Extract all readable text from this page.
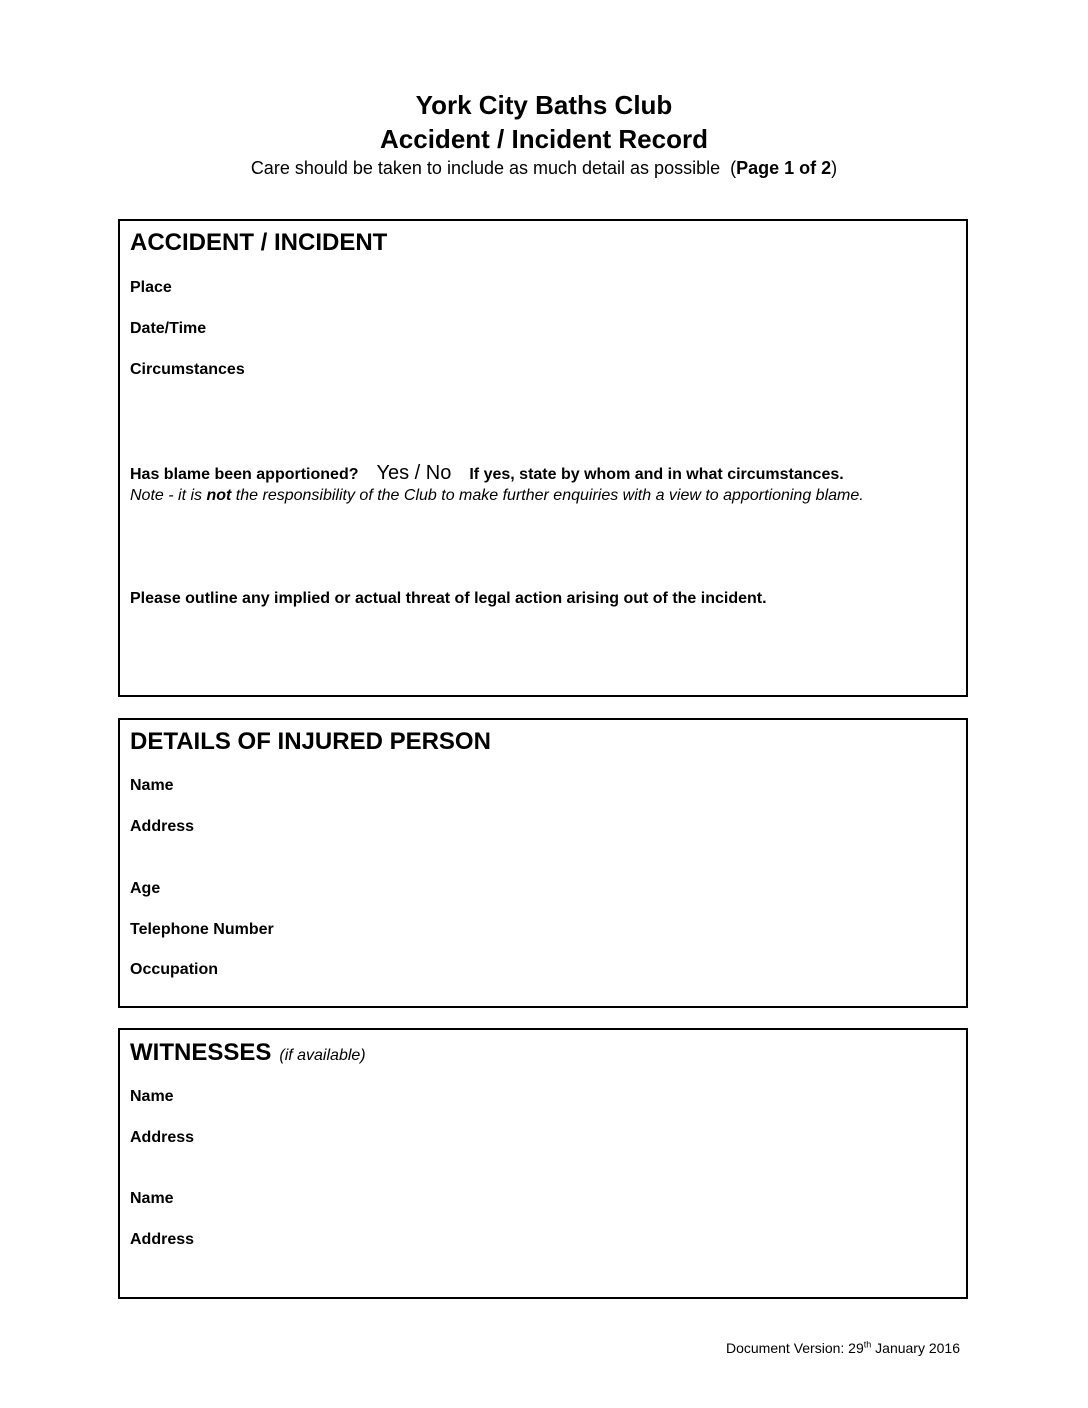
York City Baths Club
Accident / Incident Record
Care should be taken to include as much detail as possible (Page 1 of 2)
ACCIDENT / INCIDENT
Place
Date/Time
Circumstances
Has blame been apportioned? Yes / No If yes, state by whom and in what circumstances.
Note - it is not the responsibility of the Club to make further enquiries with a view to apportioning blame.
Please outline any implied or actual threat of legal action arising out of the incident.
DETAILS OF INJURED PERSON
Name
Address
Age
Telephone Number
Occupation
WITNESSES (if available)
Name
Address
Name
Address
Document Version: 29th January 2016
